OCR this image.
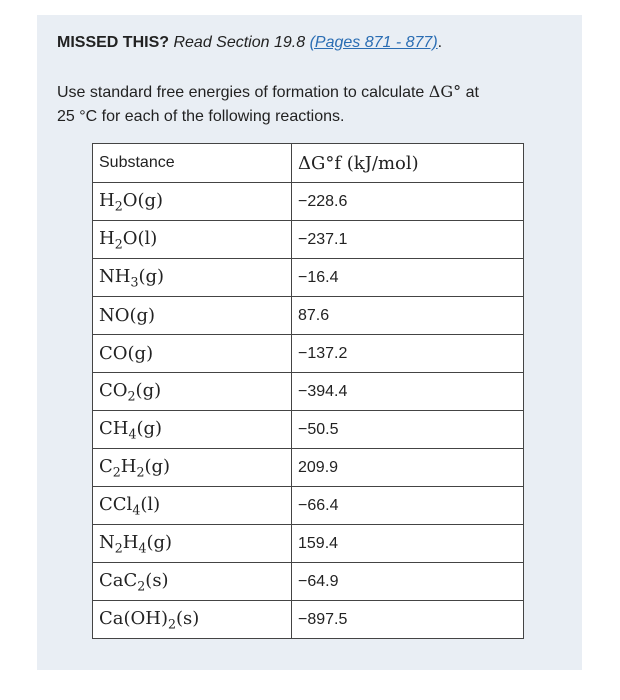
MISSED THIS? Read Section 19.8 (Pages 871 - 877).
Use standard free energies of formation to calculate ΔG° at
25 °C for each of the following reactions.
Substance	ΔG°f (kJ/mol)
$H_2O(g)$	−228.6
$H_2O(l)$	−237.1
$NH_3(g)$	−16.4
NO(g)	87.6
CO(g)	−137.2
$CO_2(g)$	−394.4
$CH_4(g)$	−50.5
$C_2H_2(g)$	209.9
CCl$_4$(l)	−66.4
$N_2H_4(g)$	159.4
CaC$_2$(s)	−64.9
$Ca(OH)_2(s)$	−897.5
